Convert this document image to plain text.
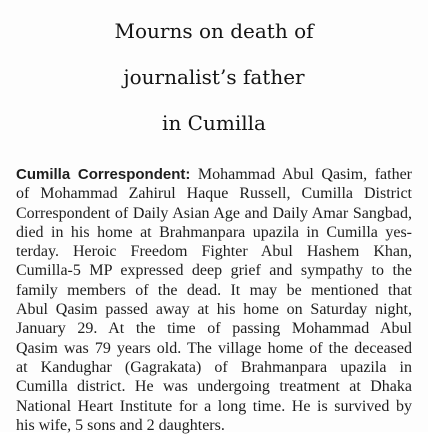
Mourns on death of
journalist’s father
in Cumilla
Cumilla Correspondent: Mohammad Abul Qasim, father
of Mohammad Zahirul Haque Russell, Cumilla District
Correspondent of Daily Asian Age and Daily Amar Sangbad,
died in his home at Brahmanpara upazila in Cumilla yes-
terday. Heroic Freedom Fighter Abul Hashem Khan,
Cumilla-5 MP expressed deep grief and sympathy to the
family members of the dead. It may be mentioned that
Abul Qasim passed away at his home on Saturday night,
January 29. At the time of passing Mohammad Abul
Qasim was 79 years old. The village home of the deceased
at Kandughar (Gagrakata) of Brahmanpara upazila in
Cumilla district. He was undergoing treatment at Dhaka
National Heart Institute for a long time. He is survived by
his wife, 5 sons and 2 daughters.
